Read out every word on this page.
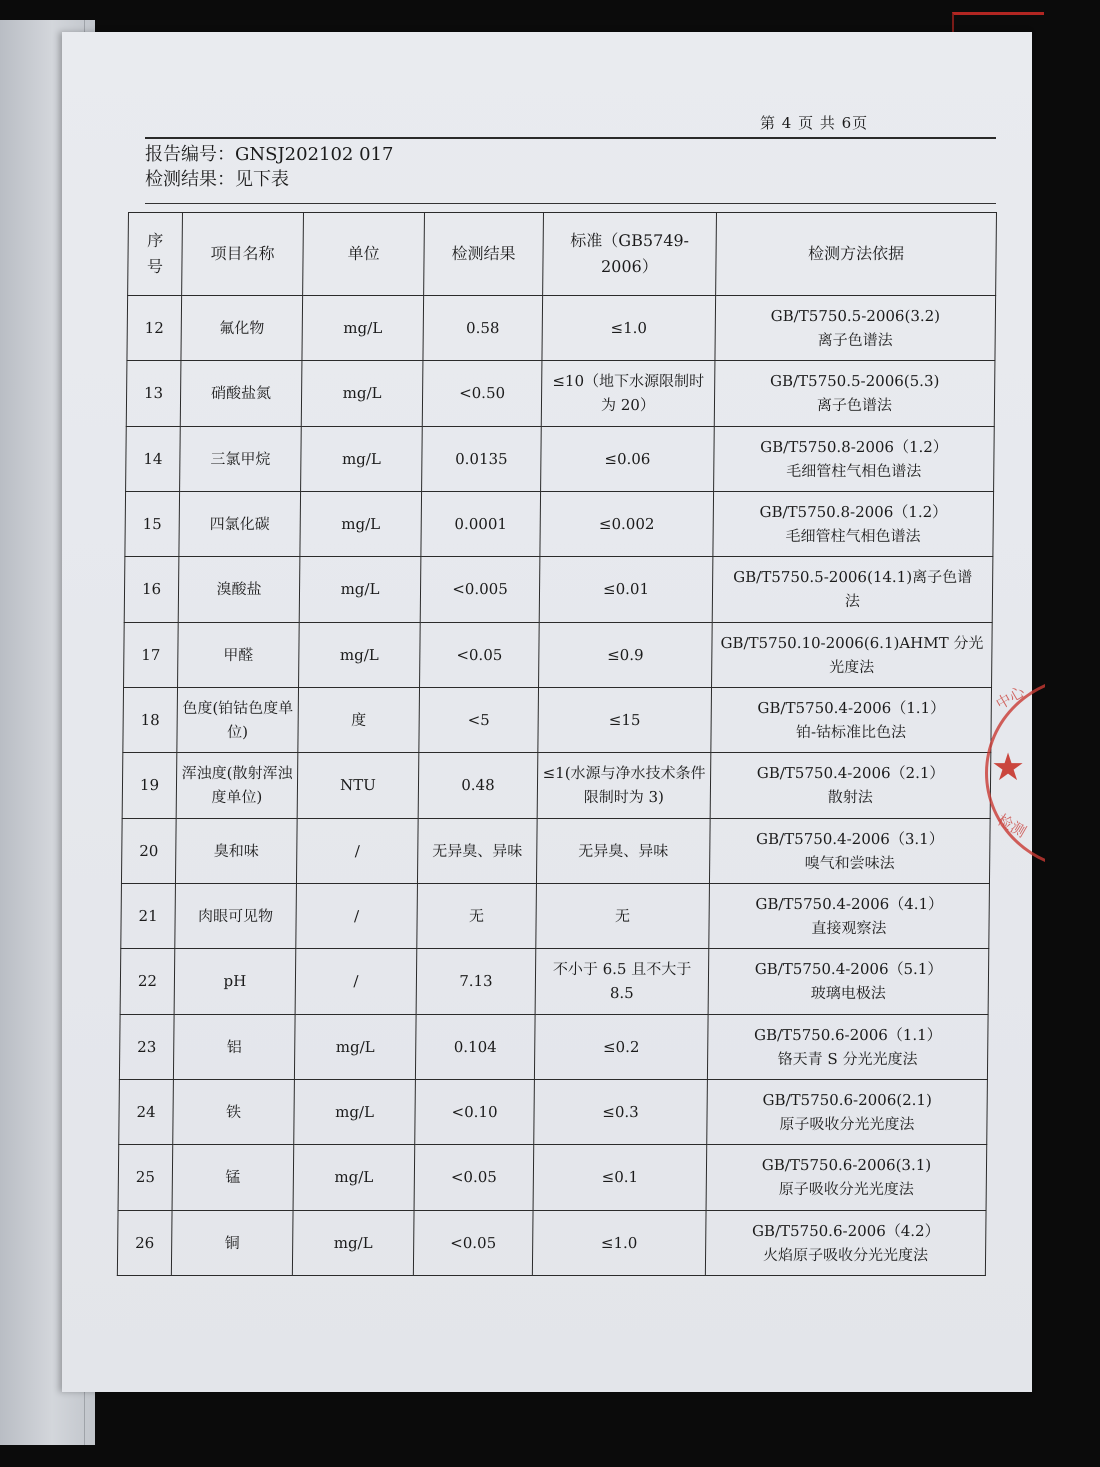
第 4 页 共 6页
报告编号：GNSJ202102 017
检测结果：见下表
序号	项目名称	单位	检测结果	标准（GB5749-2006）	检测方法依据
12	氟化物	mg/L	0.58	≤1.0	GB/T5750.5-2006(3.2)
离子色谱法

13	硝酸盐氮	mg/L	<0.50	≤10（地下水源限制时为 20）	GB/T5750.5-2006(5.3)
离子色谱法

14	三氯甲烷	mg/L	0.0135	≤0.06	GB/T5750.8-2006（1.2）
毛细管柱气相色谱法

15	四氯化碳	mg/L	0.0001	≤0.002	GB/T5750.8-2006（1.2）
毛细管柱气相色谱法

16	溴酸盐	mg/L	<0.005	≤0.01	GB/T5750.5-2006(14.1)离子色谱
法

17	甲醛	mg/L	<0.05	≤0.9	GB/T5750.10-2006(6.1)AHMT 分光
光度法

18	色度(铂钴色度单位)	度	<5	≤15	GB/T5750.4-2006（1.1）
铂-钴标准比色法

19	浑浊度(散射浑浊度单位)	NTU	0.48	≤1(水源与净水技术条件限制时为 3)	GB/T5750.4-2006（2.1）
散射法

20	臭和味	/	无异臭、异味	无异臭、异味	GB/T5750.4-2006（3.1）
嗅气和尝味法

21	肉眼可见物	/	无	无	GB/T5750.4-2006（4.1）
直接观察法

22	pH	/	7.13	不小于 6.5 且不大于 8.5	GB/T5750.4-2006（5.1）
玻璃电极法

23	铝	mg/L	0.104	≤0.2	GB/T5750.6-2006（1.1）
铬天青 S 分光光度法

24	铁	mg/L	<0.10	≤0.3	GB/T5750.6-2006(2.1)
原子吸收分光光度法

25	锰	mg/L	<0.05	≤0.1	GB/T5750.6-2006(3.1)
原子吸收分光光度法

26	铜	mg/L	<0.05	≤1.0	GB/T5750.6-2006（4.2）
火焰原子吸收分光光度法
中心
★
检测
